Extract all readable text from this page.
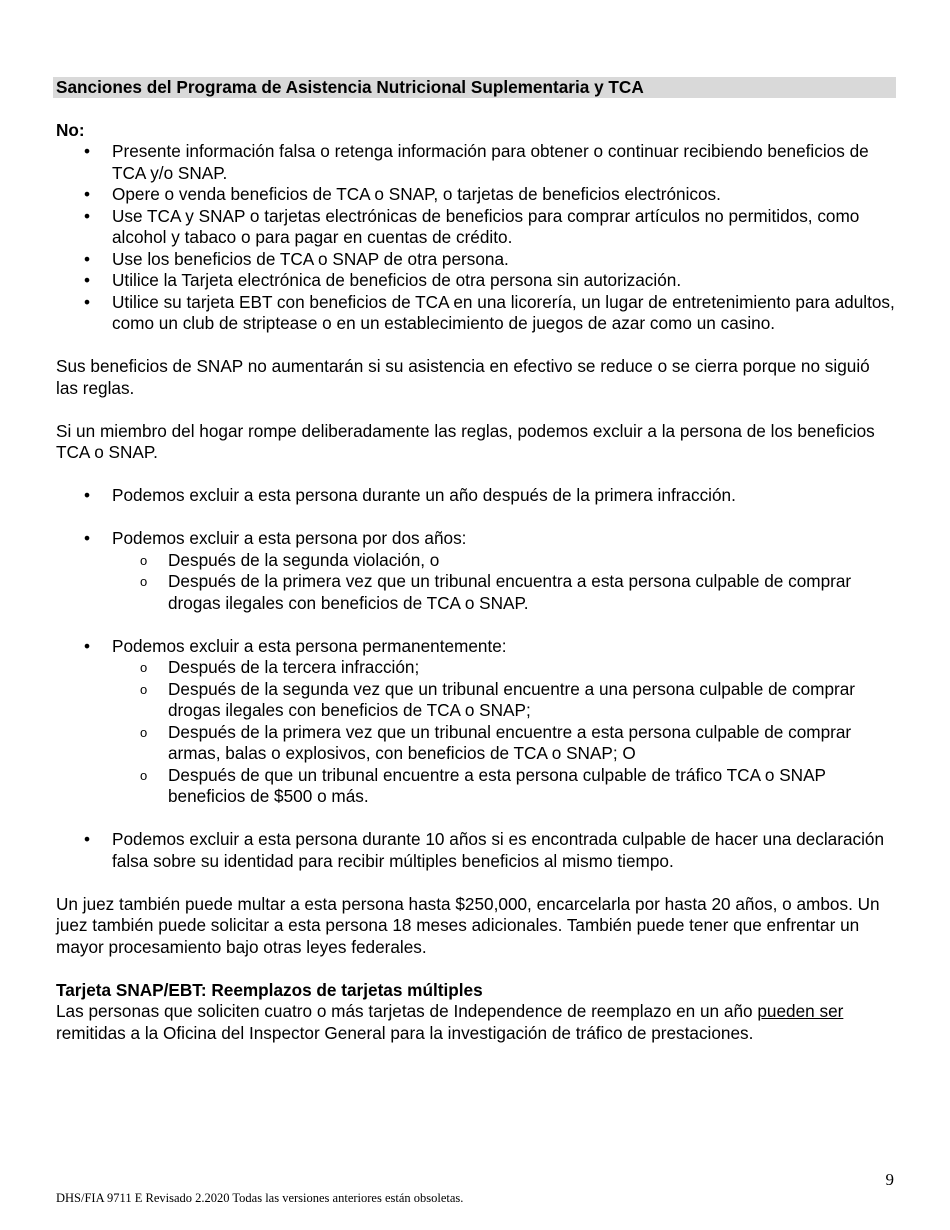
Sanciones del Programa de Asistencia Nutricional Suplementaria y TCA

No:

•	Presente información falsa o retenga información para obtener o continuar recibiendo beneficios de TCA y/o SNAP.
•	Opere o venda beneficios de TCA o SNAP, o tarjetas de beneficios electrónicos.
•	Use TCA y SNAP o tarjetas electrónicas de beneficios para comprar artículos no permitidos, como alcohol y tabaco o para pagar en cuentas de crédito.
•	Use los beneficios de TCA o SNAP de otra persona.
•	Utilice la Tarjeta electrónica de beneficios de otra persona sin autorización.
•	Utilice su tarjeta EBT con beneficios de TCA en una licorería, un lugar de entretenimiento para adultos, como un club de striptease o en un establecimiento de juegos de azar como un casino.

Sus beneficios de SNAP no aumentarán si su asistencia en efectivo se reduce o se cierra porque no siguió las reglas.

Si un miembro del hogar rompe deliberadamente las reglas, podemos excluir a la persona de los beneficios TCA o SNAP.

•	Podemos excluir a esta persona durante un año después de la primera infracción.
•	Podemos excluir a esta persona por dos años:
o Después de la segunda violación, o
o Después de la primera vez que un tribunal encuentra a esta persona culpable de comprar drogas ilegales con beneficios de TCA o SNAP.
•	Podemos excluir a esta persona permanentemente:
o Después de la tercera infracción;
o Después de la segunda vez que un tribunal encuentre a una persona culpable de comprar drogas ilegales con beneficios de TCA o SNAP;
o Después de la primera vez que un tribunal encuentre a esta persona culpable de comprar armas, balas o explosivos, con beneficios de TCA o SNAP; O
o Después de que un tribunal encuentre a esta persona culpable de tráfico TCA o SNAP beneficios de $500 o más.
•	Podemos excluir a esta persona durante 10 años si es encontrada culpable de hacer una declaración falsa sobre su identidad para recibir múltiples beneficios al mismo tiempo.

Un juez también puede multar a esta persona hasta $250,000, encarcelarla por hasta 20 años, o ambos. Un juez también puede solicitar a esta persona 18 meses adicionales. También puede tener que enfrentar un mayor procesamiento bajo otras leyes federales.

Tarjeta SNAP/EBT: Reemplazos de tarjetas múltiples

Las personas que soliciten cuatro o más tarjetas de Independence de reemplazo en un año pueden ser remitidas a la Oficina del Inspector General para la investigación de tráfico de prestaciones.

9
DHS/FIA 9711 E Revisado 2.2020 Todas las versiones anteriores están obsoletas.
